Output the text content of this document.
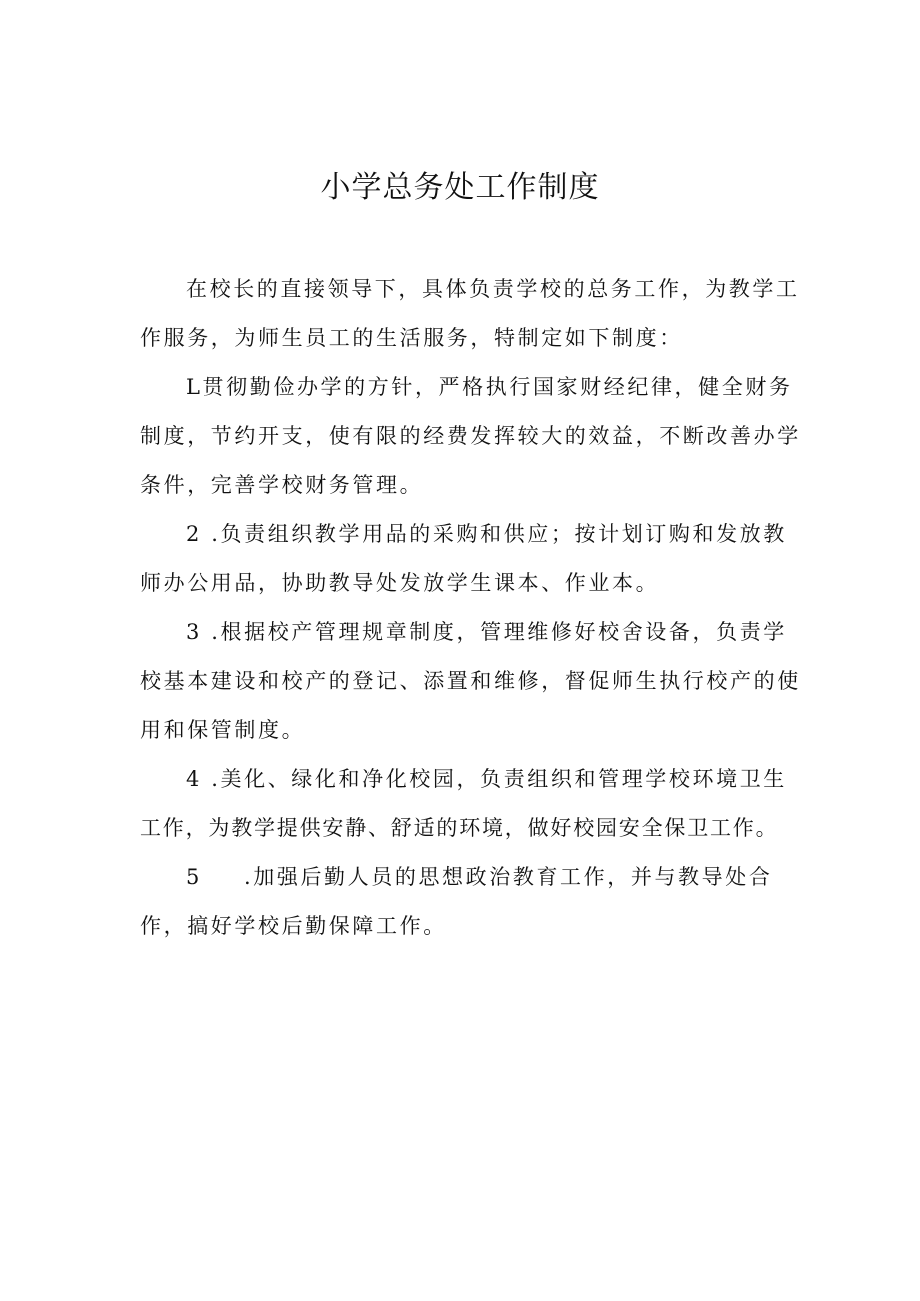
小学总务处工作制度

在校长的直接领导下，具体负责学校的总务工作，为教学工
作服务，为师生员工的生活服务，特制定如下制度：

L贯彻勤俭办学的方针，严格执行国家财经纪律，健全财务
制度，节约开支，使有限的经费发挥较大的效益，不断改善办学
条件，完善学校财务管理。

2 .负责组织教学用品的采购和供应；按计划订购和发放教
师办公用品，协助教导处发放学生课本、作业本。

3 .根据校产管理规章制度，管理维修好校舍设备，负责学
校基本建设和校产的登记、添置和维修，督促师生执行校产的使
用和保管制度。

4 .美化、绿化和净化校园，负责组织和管理学校环境卫生
工作，为教学提供安静、舒适的环境，做好校园安全保卫工作。

5 .加强后勤人员的思想政治教育工作，并与教导处合
作，搞好学校后勤保障工作。
